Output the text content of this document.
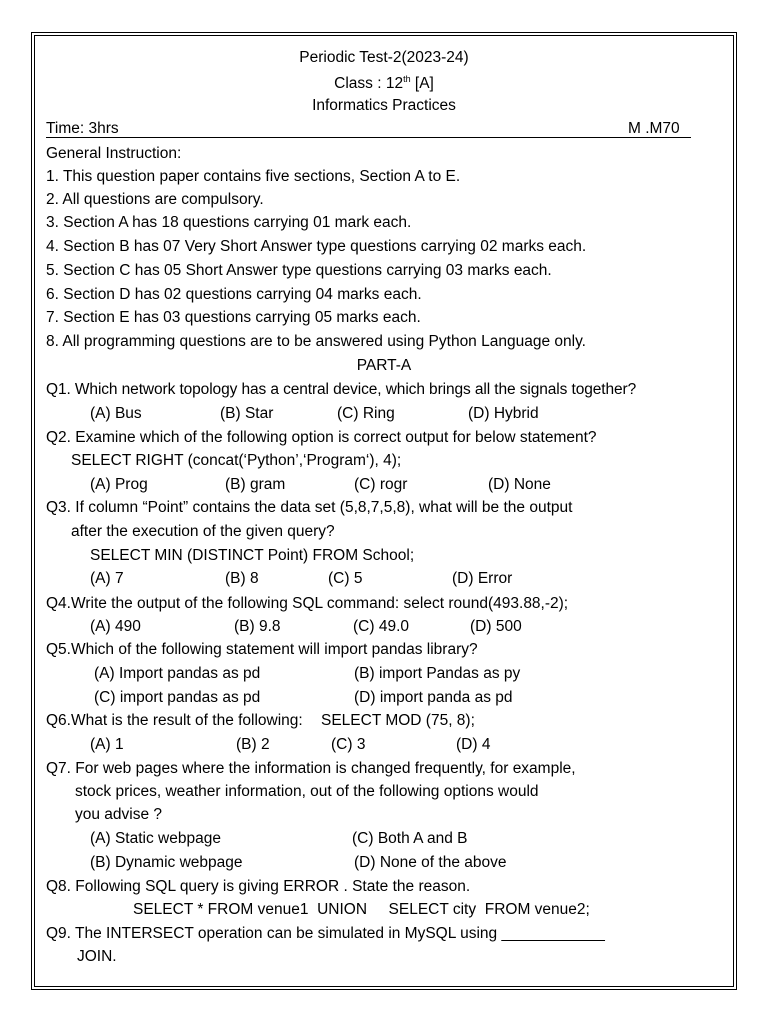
Periodic Test-2(2023-24)
Class : 12th [A]
Informatics Practices
Time: 3hrs	M .M70
General Instruction:
1. This question paper contains five sections, Section A to E.
2. All questions are compulsory.
3. Section A has 18 questions carrying 01 mark each.
4. Section B has 07 Very Short Answer type questions carrying 02 marks each.
5. Section C has 05 Short Answer type questions carrying 03 marks each.
6. Section D has 02 questions carrying 04 marks each.
7. Section E has 03 questions carrying 05 marks each.
8. All programming questions are to be answered using Python Language only.
PART-A
Q1. Which network topology has a central device, which brings all the signals together?
(A) Bus	(B) Star	(C) Ring	(D) Hybrid
Q2. Examine which of the following option is correct output for below statement?
SELECT RIGHT (concat(‘Python’,‘Program‘), 4);
(A) Prog	(B) gram	(C) rogr	(D) None
Q3. If column “Point” contains the data set (5,8,7,5,8), what will be the output
after the execution of the given query?
SELECT MIN (DISTINCT Point) FROM School;
(A) 7	(B) 8	(C) 5	(D) Error
Q4.Write the output of the following SQL command: select round(493.88,-2);
(A) 490	(B) 9.8	(C) 49.0	(D) 500
Q5.Which of the following statement will import pandas library?
(A) Import pandas as pd	(B) import Pandas as py
(C) import pandas as pd	(D) import panda as pd
Q6.What is the result of the following: SELECT MOD (75, 8);
(A) 1	(B) 2	(C) 3	(D) 4
Q7. For web pages where the information is changed frequently, for example,
stock prices, weather information, out of the following options would
you advise ?
(A) Static webpage	(C) Both A and B
(B) Dynamic webpage	(D) None of the above
Q8. Following SQL query is giving ERROR . State the reason.
SELECT * FROM venue1  UNION     SELECT city  FROM venue2;
Q9. The INTERSECT operation can be simulated in MySQL using ____________
JOIN.
